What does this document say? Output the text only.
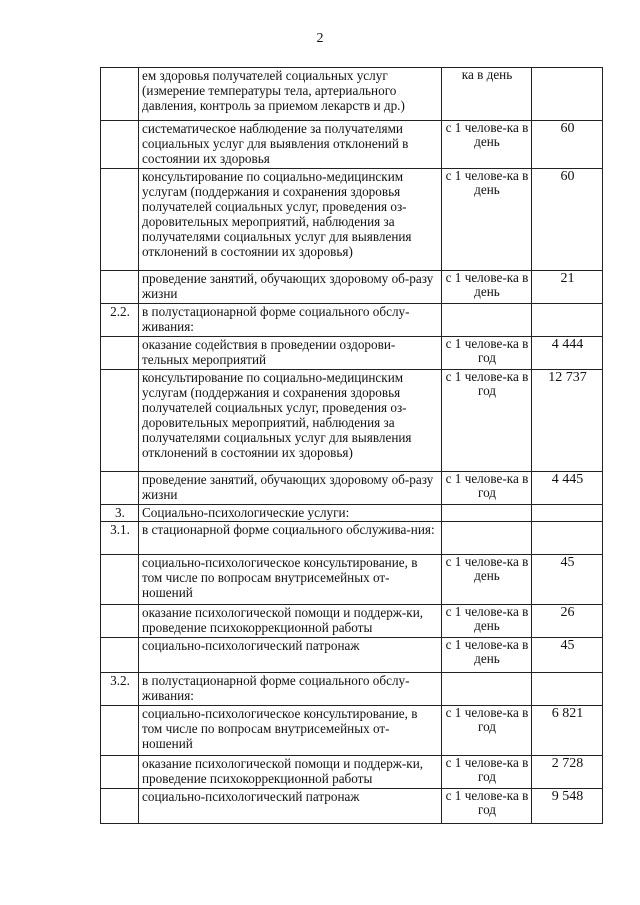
2
	ем здоровья получателей социальных услуг (измерение температуры тела, артериального давления, контроль за приемом лекарств и др.)	ка в день	
	систематическое наблюдение за получателями социальных услуг для выявления отклонений в состоянии их здоровья	с 1 челове-ка в день	60
	консультирование по социально-медицинским услугам (поддержания и сохранения здоровья получателей социальных услуг, проведения оз-доровительных мероприятий, наблюдения за получателями социальных услуг для выявления отклонений в состоянии их здоровья)	с 1 челове-ка в день	60
	проведение занятий, обучающих здоровому об-разу жизни	с 1 челове-ка в день	21
2.2.	в полустационарной форме социального обслу-живания:		
	оказание содействия в проведении оздорови-тельных мероприятий	с 1 челове-ка в год	4 444
	консультирование по социально-медицинским услугам (поддержания и сохранения здоровья получателей социальных услуг, проведения оз-доровительных мероприятий, наблюдения за получателями социальных услуг для выявления отклонений в состоянии их здоровья)	с 1 челове-ка в год	12 737
	проведение занятий, обучающих здоровому об-разу жизни	с 1 челове-ка в год	4 445
3.	Социально-психологические услуги:		
3.1.	в стационарной форме социального обслужива-ния:		
	социально-психологическое консультирование, в том числе по вопросам внутрисемейных от-ношений	с 1 челове-ка в день	45
	оказание психологической помощи и поддерж-ки, проведение психокоррекционной работы	с 1 челове-ка в день	26
	социально-психологический патронаж	с 1 челове-ка в день	45
3.2.	в полустационарной форме социального обслу-живания:		
	социально-психологическое консультирование, в том числе по вопросам внутрисемейных от-ношений	с 1 челове-ка в год	6 821
	оказание психологической помощи и поддерж-ки, проведение психокоррекционной работы	с 1 челове-ка в год	2 728
	социально-психологический патронаж	с 1 челове-ка в год	9 548
